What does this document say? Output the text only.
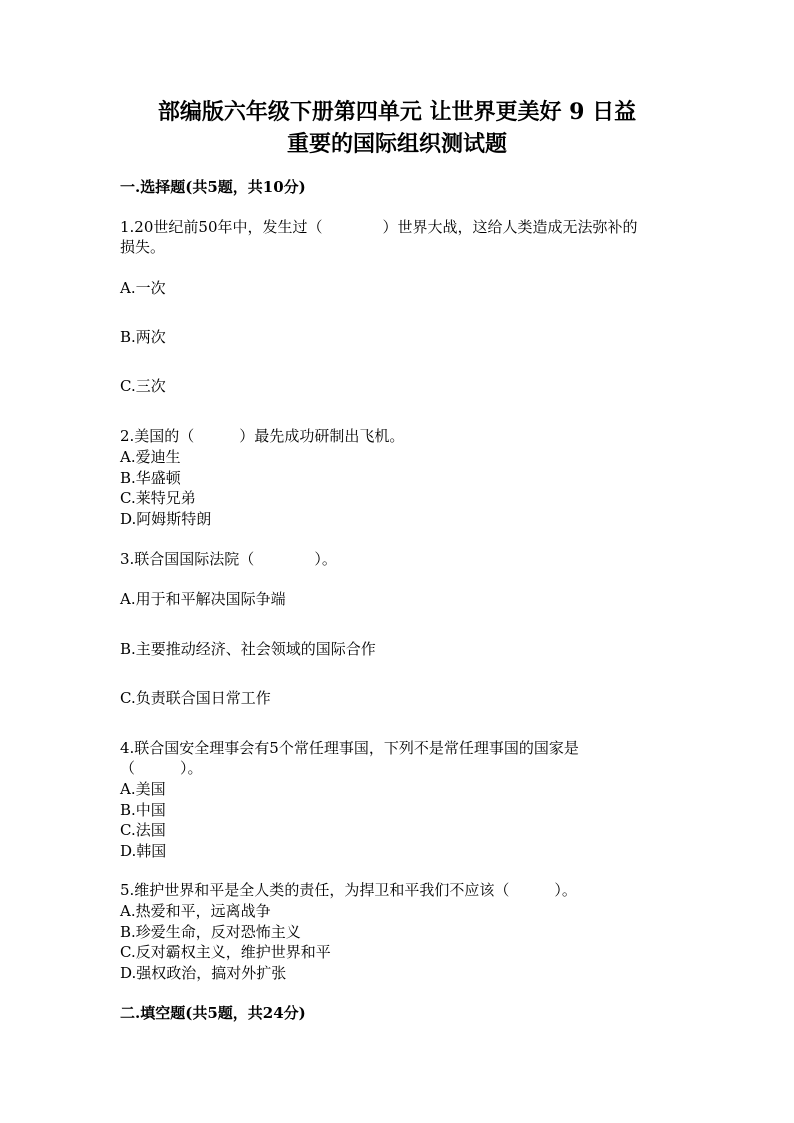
部编版六年级下册第四单元 让世界更美好 9 日益
重要的国际组织测试题
一.选择题(共5题，共10分)
1.20世纪前50年中，发生过（　　　　）世界大战，这给人类造成无法弥补的
损失。
A.一次
B.两次
C.三次
2.美国的（　　　）最先成功研制出飞机。
A.爱迪生
B.华盛顿
C.莱特兄弟
D.阿姆斯特朗
3.联合国国际法院（　　　　）。
A.用于和平解决国际争端
B.主要推动经济、社会领域的国际合作
C.负责联合国日常工作
4.联合国安全理事会有5个常任理事国，下列不是常任理事国的国家是
（　　　）。
A.美国
B.中国
C.法国
D.韩国
5.维护世界和平是全人类的责任，为捍卫和平我们不应该（　　　）。
A.热爱和平，远离战争
B.珍爱生命，反对恐怖主义
C.反对霸权主义，维护世界和平
D.强权政治，搞对外扩张
二.填空题(共5题，共24分)
